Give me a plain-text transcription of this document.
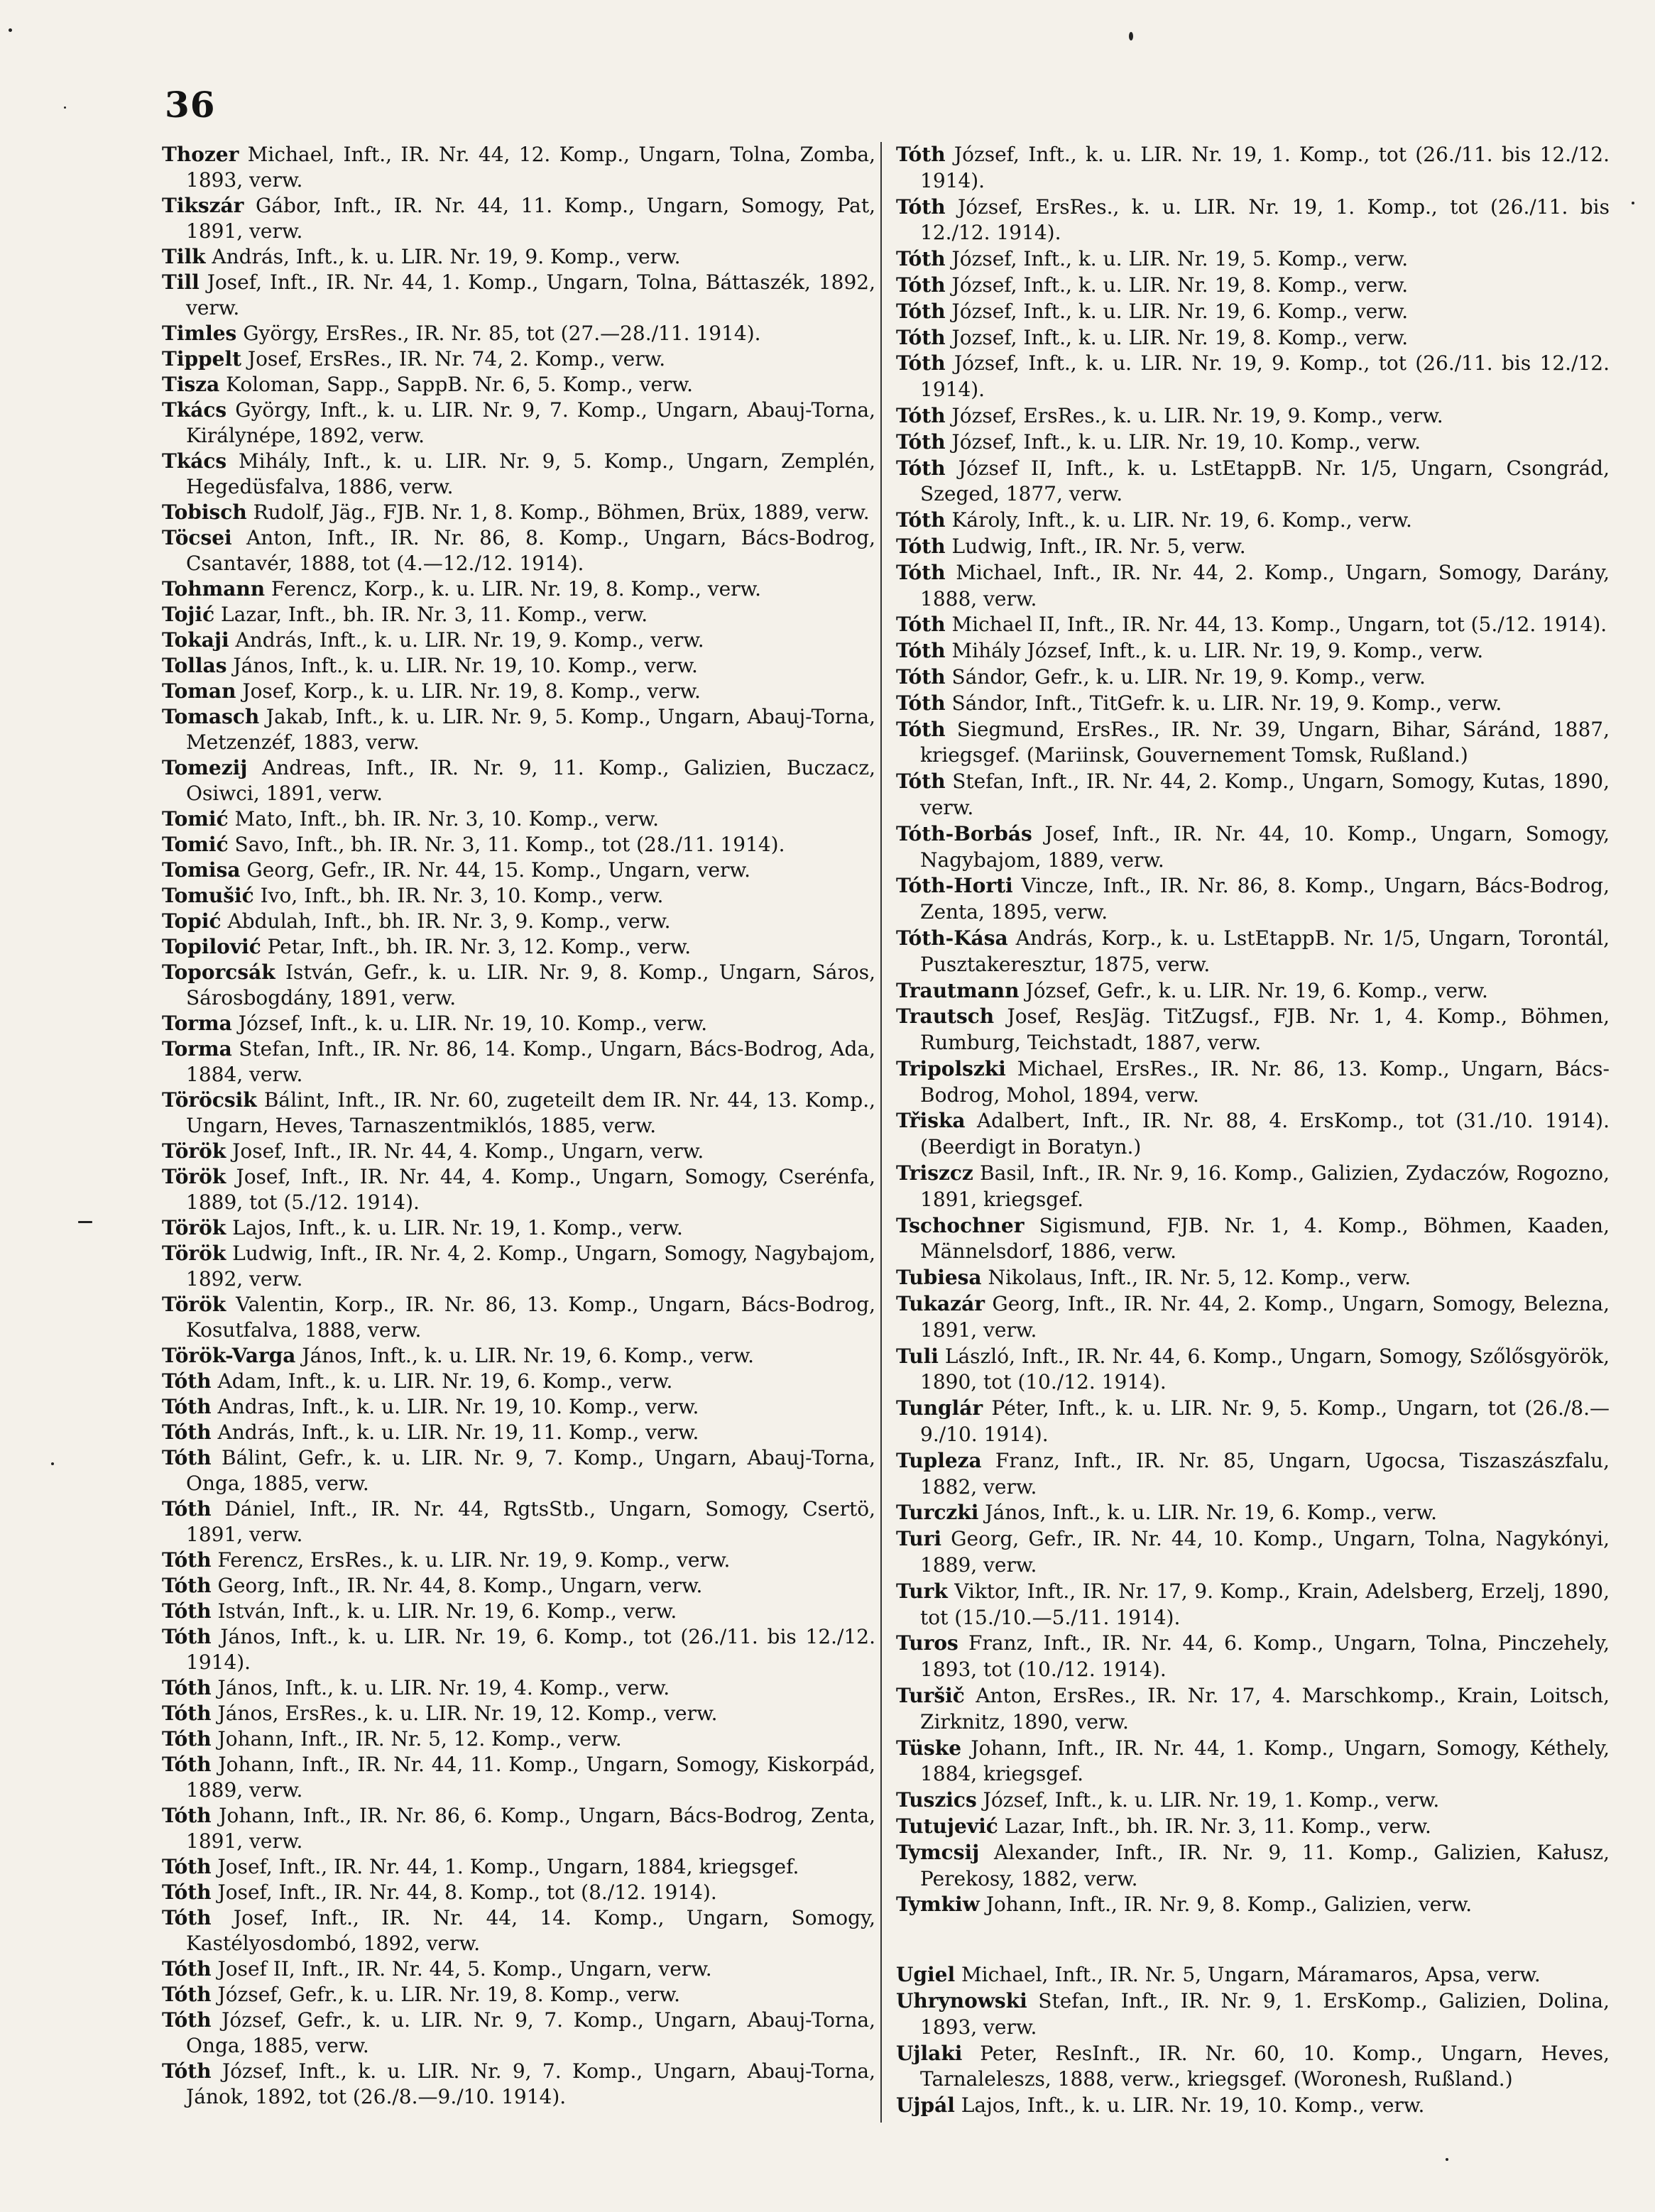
36
Thozer Michael, Inft., IR. Nr. 44, 12. Komp., Ungarn, Tolna, Zomba, 1893, verw.
Tikszár Gábor, Inft., IR. Nr. 44, 11. Komp., Ungarn, Somogy, Pat, 1891, verw.
Tilk András, Inft., k. u. LIR. Nr. 19, 9. Komp., verw.
Till Josef, Inft., IR. Nr. 44, 1. Komp., Ungarn, Tolna, Báttaszék, 1892, verw.
Timles György, ErsRes., IR. Nr. 85, tot (27.—28./11. 1914).
Tippelt Josef, ErsRes., IR. Nr. 74, 2. Komp., verw.
Tisza Koloman, Sapp., SappB. Nr. 6, 5. Komp., verw.
Tkács György, Inft., k. u. LIR. Nr. 9, 7. Komp., Ungarn, Abauj-Torna, Királynépe, 1892, verw.
Tkács Mihály, Inft., k. u. LIR. Nr. 9, 5. Komp., Ungarn, Zemplén, Hegedüsfalva, 1886, verw.
Tobisch Rudolf, Jäg., FJB. Nr. 1, 8. Komp., Böhmen, Brüx, 1889, verw.
Töcsei Anton, Inft., IR. Nr. 86, 8. Komp., Ungarn, Bács-Bodrog, Csantavér, 1888, tot (4.—12./12. 1914).
Tohmann Ferencz, Korp., k. u. LIR. Nr. 19, 8. Komp., verw.
Tojić Lazar, Inft., bh. IR. Nr. 3, 11. Komp., verw.
Tokaji András, Inft., k. u. LIR. Nr. 19, 9. Komp., verw.
Tollas János, Inft., k. u. LIR. Nr. 19, 10. Komp., verw.
Toman Josef, Korp., k. u. LIR. Nr. 19, 8. Komp., verw.
Tomasch Jakab, Inft., k. u. LIR. Nr. 9, 5. Komp., Ungarn, Abauj-Torna, Metzenzéf, 1883, verw.
Tomezij Andreas, Inft., IR. Nr. 9, 11. Komp., Galizien, Buczacz, Osiwci, 1891, verw.
Tomić Mato, Inft., bh. IR. Nr. 3, 10. Komp., verw.
Tomić Savo, Inft., bh. IR. Nr. 3, 11. Komp., tot (28./11. 1914).
Tomisa Georg, Gefr., IR. Nr. 44, 15. Komp., Ungarn, verw.
Tomušić Ivo, Inft., bh. IR. Nr. 3, 10. Komp., verw.
Topić Abdulah, Inft., bh. IR. Nr. 3, 9. Komp., verw.
Topilović Petar, Inft., bh. IR. Nr. 3, 12. Komp., verw.
Toporcsák István, Gefr., k. u. LIR. Nr. 9, 8. Komp., Ungarn, Sáros, Sárosbogdány, 1891, verw.
Torma József, Inft., k. u. LIR. Nr. 19, 10. Komp., verw.
Torma Stefan, Inft., IR. Nr. 86, 14. Komp., Ungarn, Bács-Bodrog, Ada, 1884, verw.
Töröcsik Bálint, Inft., IR. Nr. 60, zugeteilt dem IR. Nr. 44, 13. Komp., Ungarn, Heves, Tarnaszentmiklós, 1885, verw.
Török Josef, Inft., IR. Nr. 44, 4. Komp., Ungarn, verw.
Török Josef, Inft., IR. Nr. 44, 4. Komp., Ungarn, Somogy, Cserénfa, 1889, tot (5./12. 1914).
Török Lajos, Inft., k. u. LIR. Nr. 19, 1. Komp., verw.
Török Ludwig, Inft., IR. Nr. 4, 2. Komp., Ungarn, Somogy, Nagybajom, 1892, verw.
Török Valentin, Korp., IR. Nr. 86, 13. Komp., Ungarn, Bács-Bodrog, Kosutfalva, 1888, verw.
Török-Varga János, Inft., k. u. LIR. Nr. 19, 6. Komp., verw.
Tóth Adam, Inft., k. u. LIR. Nr. 19, 6. Komp., verw.
Tóth Andras, Inft., k. u. LIR. Nr. 19, 10. Komp., verw.
Tóth András, Inft., k. u. LIR. Nr. 19, 11. Komp., verw.
Tóth Bálint, Gefr., k. u. LIR. Nr. 9, 7. Komp., Ungarn, Abauj-Torna, Onga, 1885, verw.
Tóth Dániel, Inft., IR. Nr. 44, RgtsStb., Ungarn, Somogy, Csertö, 1891, verw.
Tóth Ferencz, ErsRes., k. u. LIR. Nr. 19, 9. Komp., verw.
Tóth Georg, Inft., IR. Nr. 44, 8. Komp., Ungarn, verw.
Tóth István, Inft., k. u. LIR. Nr. 19, 6. Komp., verw.
Tóth János, Inft., k. u. LIR. Nr. 19, 6. Komp., tot (26./11. bis 12./12. 1914).
Tóth János, Inft., k. u. LIR. Nr. 19, 4. Komp., verw.
Tóth János, ErsRes., k. u. LIR. Nr. 19, 12. Komp., verw.
Tóth Johann, Inft., IR. Nr. 5, 12. Komp., verw.
Tóth Johann, Inft., IR. Nr. 44, 11. Komp., Ungarn, Somogy, Kiskorpád, 1889, verw.
Tóth Johann, Inft., IR. Nr. 86, 6. Komp., Ungarn, Bács-Bodrog, Zenta, 1891, verw.
Tóth Josef, Inft., IR. Nr. 44, 1. Komp., Ungarn, 1884, kriegsgef.
Tóth Josef, Inft., IR. Nr. 44, 8. Komp., tot (8./12. 1914).
Tóth Josef, Inft., IR. Nr. 44, 14. Komp., Ungarn, Somogy, Kastélyosdombó, 1892, verw.
Tóth Josef II, Inft., IR. Nr. 44, 5. Komp., Ungarn, verw.
Tóth József, Gefr., k. u. LIR. Nr. 19, 8. Komp., verw.
Tóth József, Gefr., k. u. LIR. Nr. 9, 7. Komp., Ungarn, Abauj-Torna, Onga, 1885, verw.
Tóth József, Inft., k. u. LIR. Nr. 9, 7. Komp., Ungarn, Abauj-Torna, Jánok, 1892, tot (26./8.—9./10. 1914).
Tóth József, Inft., k. u. LIR. Nr. 19, 1. Komp., tot (26./11. bis 12./12. 1914).
Tóth József, ErsRes., k. u. LIR. Nr. 19, 1. Komp., tot (26./11. bis 12./12. 1914).
Tóth József, Inft., k. u. LIR. Nr. 19, 5. Komp., verw.
Tóth József, Inft., k. u. LIR. Nr. 19, 8. Komp., verw.
Tóth József, Inft., k. u. LIR. Nr. 19, 6. Komp., verw.
Tóth Jozsef, Inft., k. u. LIR. Nr. 19, 8. Komp., verw.
Tóth József, Inft., k. u. LIR. Nr. 19, 9. Komp., tot (26./11. bis 12./12. 1914).
Tóth József, ErsRes., k. u. LIR. Nr. 19, 9. Komp., verw.
Tóth József, Inft., k. u. LIR. Nr. 19, 10. Komp., verw.
Tóth József II, Inft., k. u. LstEtappB. Nr. 1/5, Ungarn, Csongrád, Szeged, 1877, verw.
Tóth Károly, Inft., k. u. LIR. Nr. 19, 6. Komp., verw.
Tóth Ludwig, Inft., IR. Nr. 5, verw.
Tóth Michael, Inft., IR. Nr. 44, 2. Komp., Ungarn, Somogy, Darány, 1888, verw.
Tóth Michael II, Inft., IR. Nr. 44, 13. Komp., Ungarn, tot (5./12. 1914).
Tóth Mihály József, Inft., k. u. LIR. Nr. 19, 9. Komp., verw.
Tóth Sándor, Gefr., k. u. LIR. Nr. 19, 9. Komp., verw.
Tóth Sándor, Inft., TitGefr. k. u. LIR. Nr. 19, 9. Komp., verw.
Tóth Siegmund, ErsRes., IR. Nr. 39, Ungarn, Bihar, Sáránd, 1887, kriegsgef. (Mariinsk, Gouvernement Tomsk, Rußland.)
Tóth Stefan, Inft., IR. Nr. 44, 2. Komp., Ungarn, Somogy, Kutas, 1890, verw.
Tóth-Borbás Josef, Inft., IR. Nr. 44, 10. Komp., Ungarn, Somogy, Nagybajom, 1889, verw.
Tóth-Horti Vincze, Inft., IR. Nr. 86, 8. Komp., Ungarn, Bács-Bodrog, Zenta, 1895, verw.
Tóth-Kása András, Korp., k. u. LstEtappB. Nr. 1/5, Ungarn, Torontál, Pusztakeresztur, 1875, verw.
Trautmann József, Gefr., k. u. LIR. Nr. 19, 6. Komp., verw.
Trautsch Josef, ResJäg. TitZugsf., FJB. Nr. 1, 4. Komp., Böhmen, Rumburg, Teichstadt, 1887, verw.
Tripolszki Michael, ErsRes., IR. Nr. 86, 13. Komp., Ungarn, Bács-Bodrog, Mohol, 1894, verw.
Třiska Adalbert, Inft., IR. Nr. 88, 4. ErsKomp., tot (31./10. 1914). (Beerdigt in Boratyn.)
Triszcz Basil, Inft., IR. Nr. 9, 16. Komp., Galizien, Zydaczów, Rogozno, 1891, kriegsgef.
Tschochner Sigismund, FJB. Nr. 1, 4. Komp., Böhmen, Kaaden, Männelsdorf, 1886, verw.
Tubiesa Nikolaus, Inft., IR. Nr. 5, 12. Komp., verw.
Tukazár Georg, Inft., IR. Nr. 44, 2. Komp., Ungarn, Somogy, Belezna, 1891, verw.
Tuli László, Inft., IR. Nr. 44, 6. Komp., Ungarn, Somogy, Szőlősgyörök, 1890, tot (10./12. 1914).
Tunglár Péter, Inft., k. u. LIR. Nr. 9, 5. Komp., Ungarn, tot (26./8.—9./10. 1914).
Tupleza Franz, Inft., IR. Nr. 85, Ungarn, Ugocsa, Tiszaszászfalu, 1882, verw.
Turczki János, Inft., k. u. LIR. Nr. 19, 6. Komp., verw.
Turi Georg, Gefr., IR. Nr. 44, 10. Komp., Ungarn, Tolna, Nagykónyi, 1889, verw.
Turk Viktor, Inft., IR. Nr. 17, 9. Komp., Krain, Adelsberg, Erzelj, 1890, tot (15./10.—5./11. 1914).
Turos Franz, Inft., IR. Nr. 44, 6. Komp., Ungarn, Tolna, Pinczehely, 1893, tot (10./12. 1914).
Turšič Anton, ErsRes., IR. Nr. 17, 4. Marschkomp., Krain, Loitsch, Zirknitz, 1890, verw.
Tüske Johann, Inft., IR. Nr. 44, 1. Komp., Ungarn, Somogy, Kéthely, 1884, kriegsgef.
Tuszics József, Inft., k. u. LIR. Nr. 19, 1. Komp., verw.
Tutujević Lazar, Inft., bh. IR. Nr. 3, 11. Komp., verw.
Tymcsij Alexander, Inft., IR. Nr. 9, 11. Komp., Galizien, Kałusz, Perekosy, 1882, verw.
Tymkiw Johann, Inft., IR. Nr. 9, 8. Komp., Galizien, verw.
Ugiel Michael, Inft., IR. Nr. 5, Ungarn, Máramaros, Apsa, verw.
Uhrynowski Stefan, Inft., IR. Nr. 9, 1. ErsKomp., Galizien, Dolina, 1893, verw.
Ujlaki Peter, ResInft., IR. Nr. 60, 10. Komp., Ungarn, Heves, Tarnaleleszs, 1888, verw., kriegsgef. (Woronesh, Rußland.)
Ujpál Lajos, Inft., k. u. LIR. Nr. 19, 10. Komp., verw.
